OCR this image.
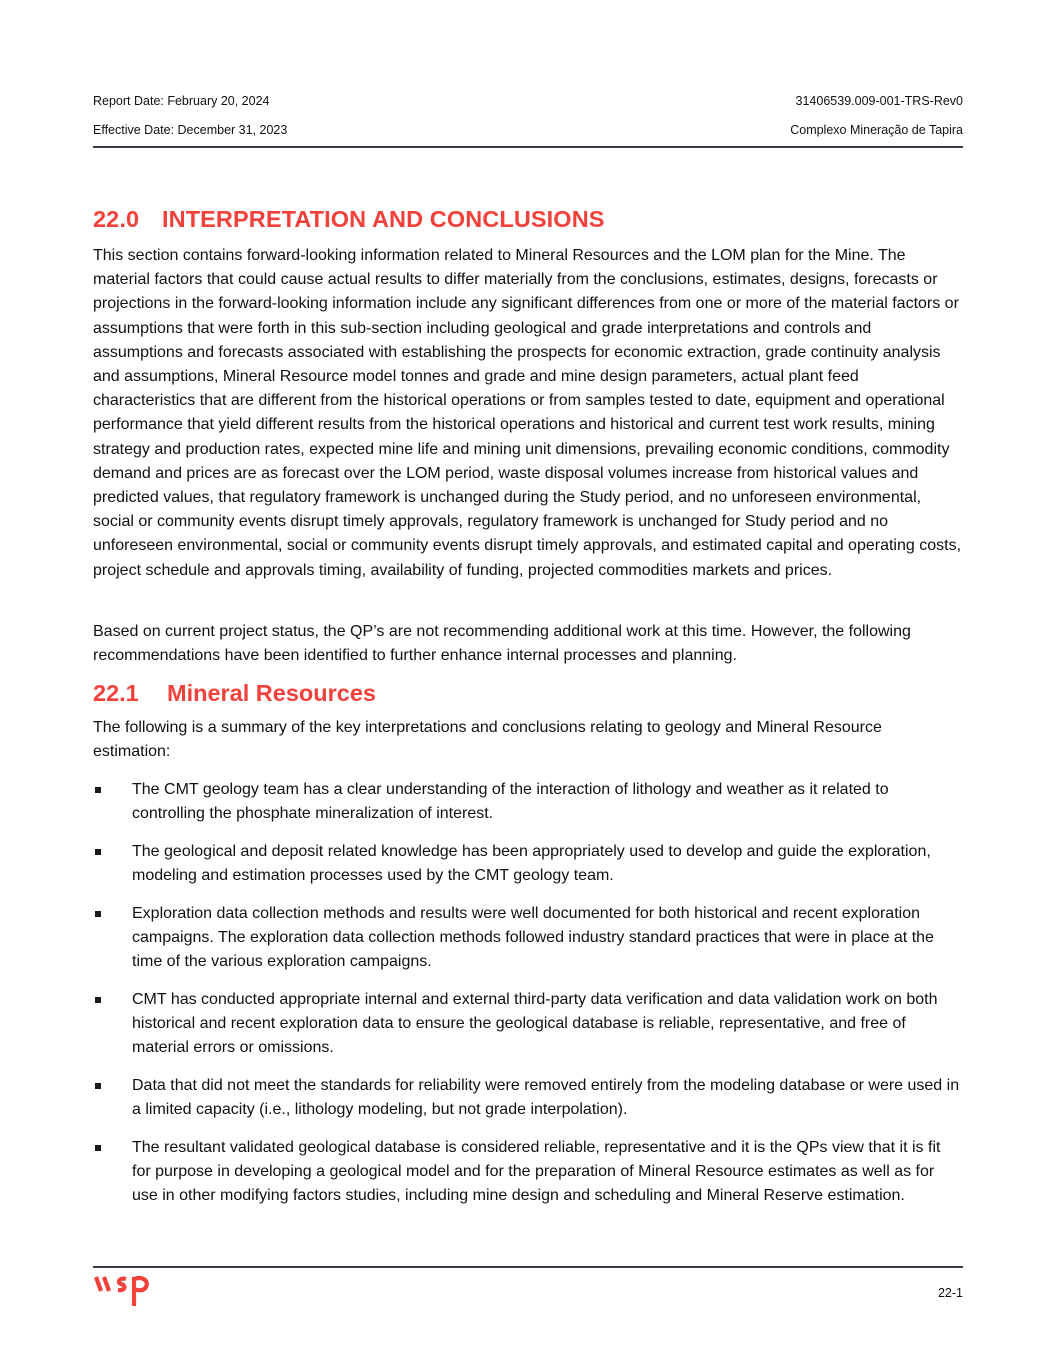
Report Date: February 20, 2024	31406539.009-001-TRS-Rev0
Effective Date: December 31, 2023	Complexo Mineração de Tapira
22.0 INTERPRETATION AND CONCLUSIONS

This section contains forward-looking information related to Mineral Resources and the LOM plan for the Mine. The material factors that could cause actual results to differ materially from the conclusions, estimates, designs, forecasts or projections in the forward-looking information include any significant differences from one or more of the material factors or assumptions that were forth in this sub-section including geological and grade interpretations and controls and assumptions and forecasts associated with establishing the prospects for economic extraction, grade continuity analysis and assumptions, Mineral Resource model tonnes and grade and mine design parameters, actual plant feed characteristics that are different from the historical operations or from samples tested to date, equipment and operational performance that yield different results from the historical operations and historical and current test work results, mining strategy and production rates, expected mine life and mining unit dimensions, prevailing economic conditions, commodity demand and prices are as forecast over the LOM period, waste disposal volumes increase from historical values and predicted values, that regulatory framework is unchanged during the Study period, and no unforeseen environmental, social or community events disrupt timely approvals, regulatory framework is unchanged for Study period and no unforeseen environmental, social or community events disrupt timely approvals, and estimated capital and operating costs, project schedule and approvals timing, availability of funding, projected commodities markets and prices.

Based on current project status, the QP’s are not recommending additional work at this time. However, the following recommendations have been identified to further enhance internal processes and planning.

22.1 Mineral Resources

The following is a summary of the key interpretations and conclusions relating to geology and Mineral Resource estimation:

The CMT geology team has a clear understanding of the interaction of lithology and weather as it related to controlling the phosphate mineralization of interest.
The geological and deposit related knowledge has been appropriately used to develop and guide the exploration, modeling and estimation processes used by the CMT geology team.
Exploration data collection methods and results were well documented for both historical and recent exploration campaigns. The exploration data collection methods followed industry standard practices that were in place at the time of the various exploration campaigns.
CMT has conducted appropriate internal and external third-party data verification and data validation work on both historical and recent exploration data to ensure the geological database is reliable, representative, and free of material errors or omissions.
Data that did not meet the standards for reliability were removed entirely from the modeling database or were used in a limited capacity (i.e., lithology modeling, but not grade interpolation).
The resultant validated geological database is considered reliable, representative and it is the QPs view that it is fit for purpose in developing a geological model and for the preparation of Mineral Resource estimates as well as for use in other modifying factors studies, including mine design and scheduling and Mineral Reserve estimation.
22-1
